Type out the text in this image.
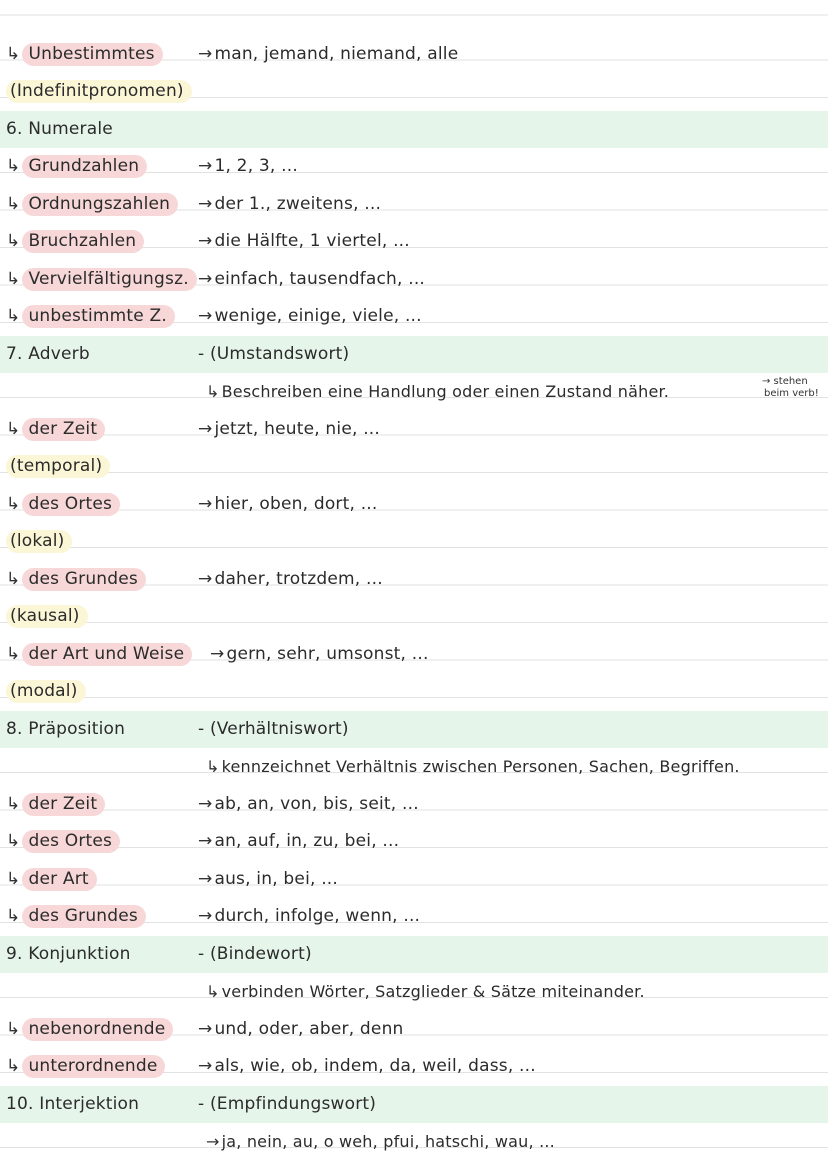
↳ Unbestimmtes	→ man, jemand, niemand, alle
(Indefinitpronomen)
6. Numerale
↳ Grundzahlen	→ 1, 2, 3, ...
↳ Ordnungszahlen	→ der 1., zweitens, ...
↳ Bruchzahlen	→ die Hälfte, 1 viertel, ...
↳ Vervielfältigungsz. → einfach, tausendfach, ...
↳ unbestimmte Z.	→ wenige, einige, viele, ...
7. Adverb	- (Umstandswort)
↳ Beschreiben eine Handlung oder einen Zustand näher.
→ stehen
beim verb!
↳ der Zeit	→ jetzt, heute, nie, ...
(temporal)
↳ des Ortes	→ hier, oben, dort, ...
(lokal)
↳ des Grundes	→ daher, trotzdem, ...
(kausal)
↳ der Art und Weise	→ gern, sehr, umsonst, ...
(modal)
8. Präposition	- (Verhältniswort)
↳ kennzeichnet Verhältnis zwischen Personen, Sachen, Begriffen.
↳ der Zeit	→ ab, an, von, bis, seit, ...
↳ des Ortes	→ an, auf, in, zu, bei, ...
↳ der Art	→ aus, in, bei, ...
↳ des Grundes	→ durch, infolge, wenn, ...
9. Konjunktion	- (Bindewort)
↳ verbinden Wörter, Satzglieder & Sätze miteinander.
↳ nebenordnende	→ und, oder, aber, denn
↳ unterordnende	→ als, wie, ob, indem, da, weil, dass, ...
10. Interjektion	- (Empfindungswort)
→ ja, nein, au, o weh, pfui, hatschi, wau, ...
